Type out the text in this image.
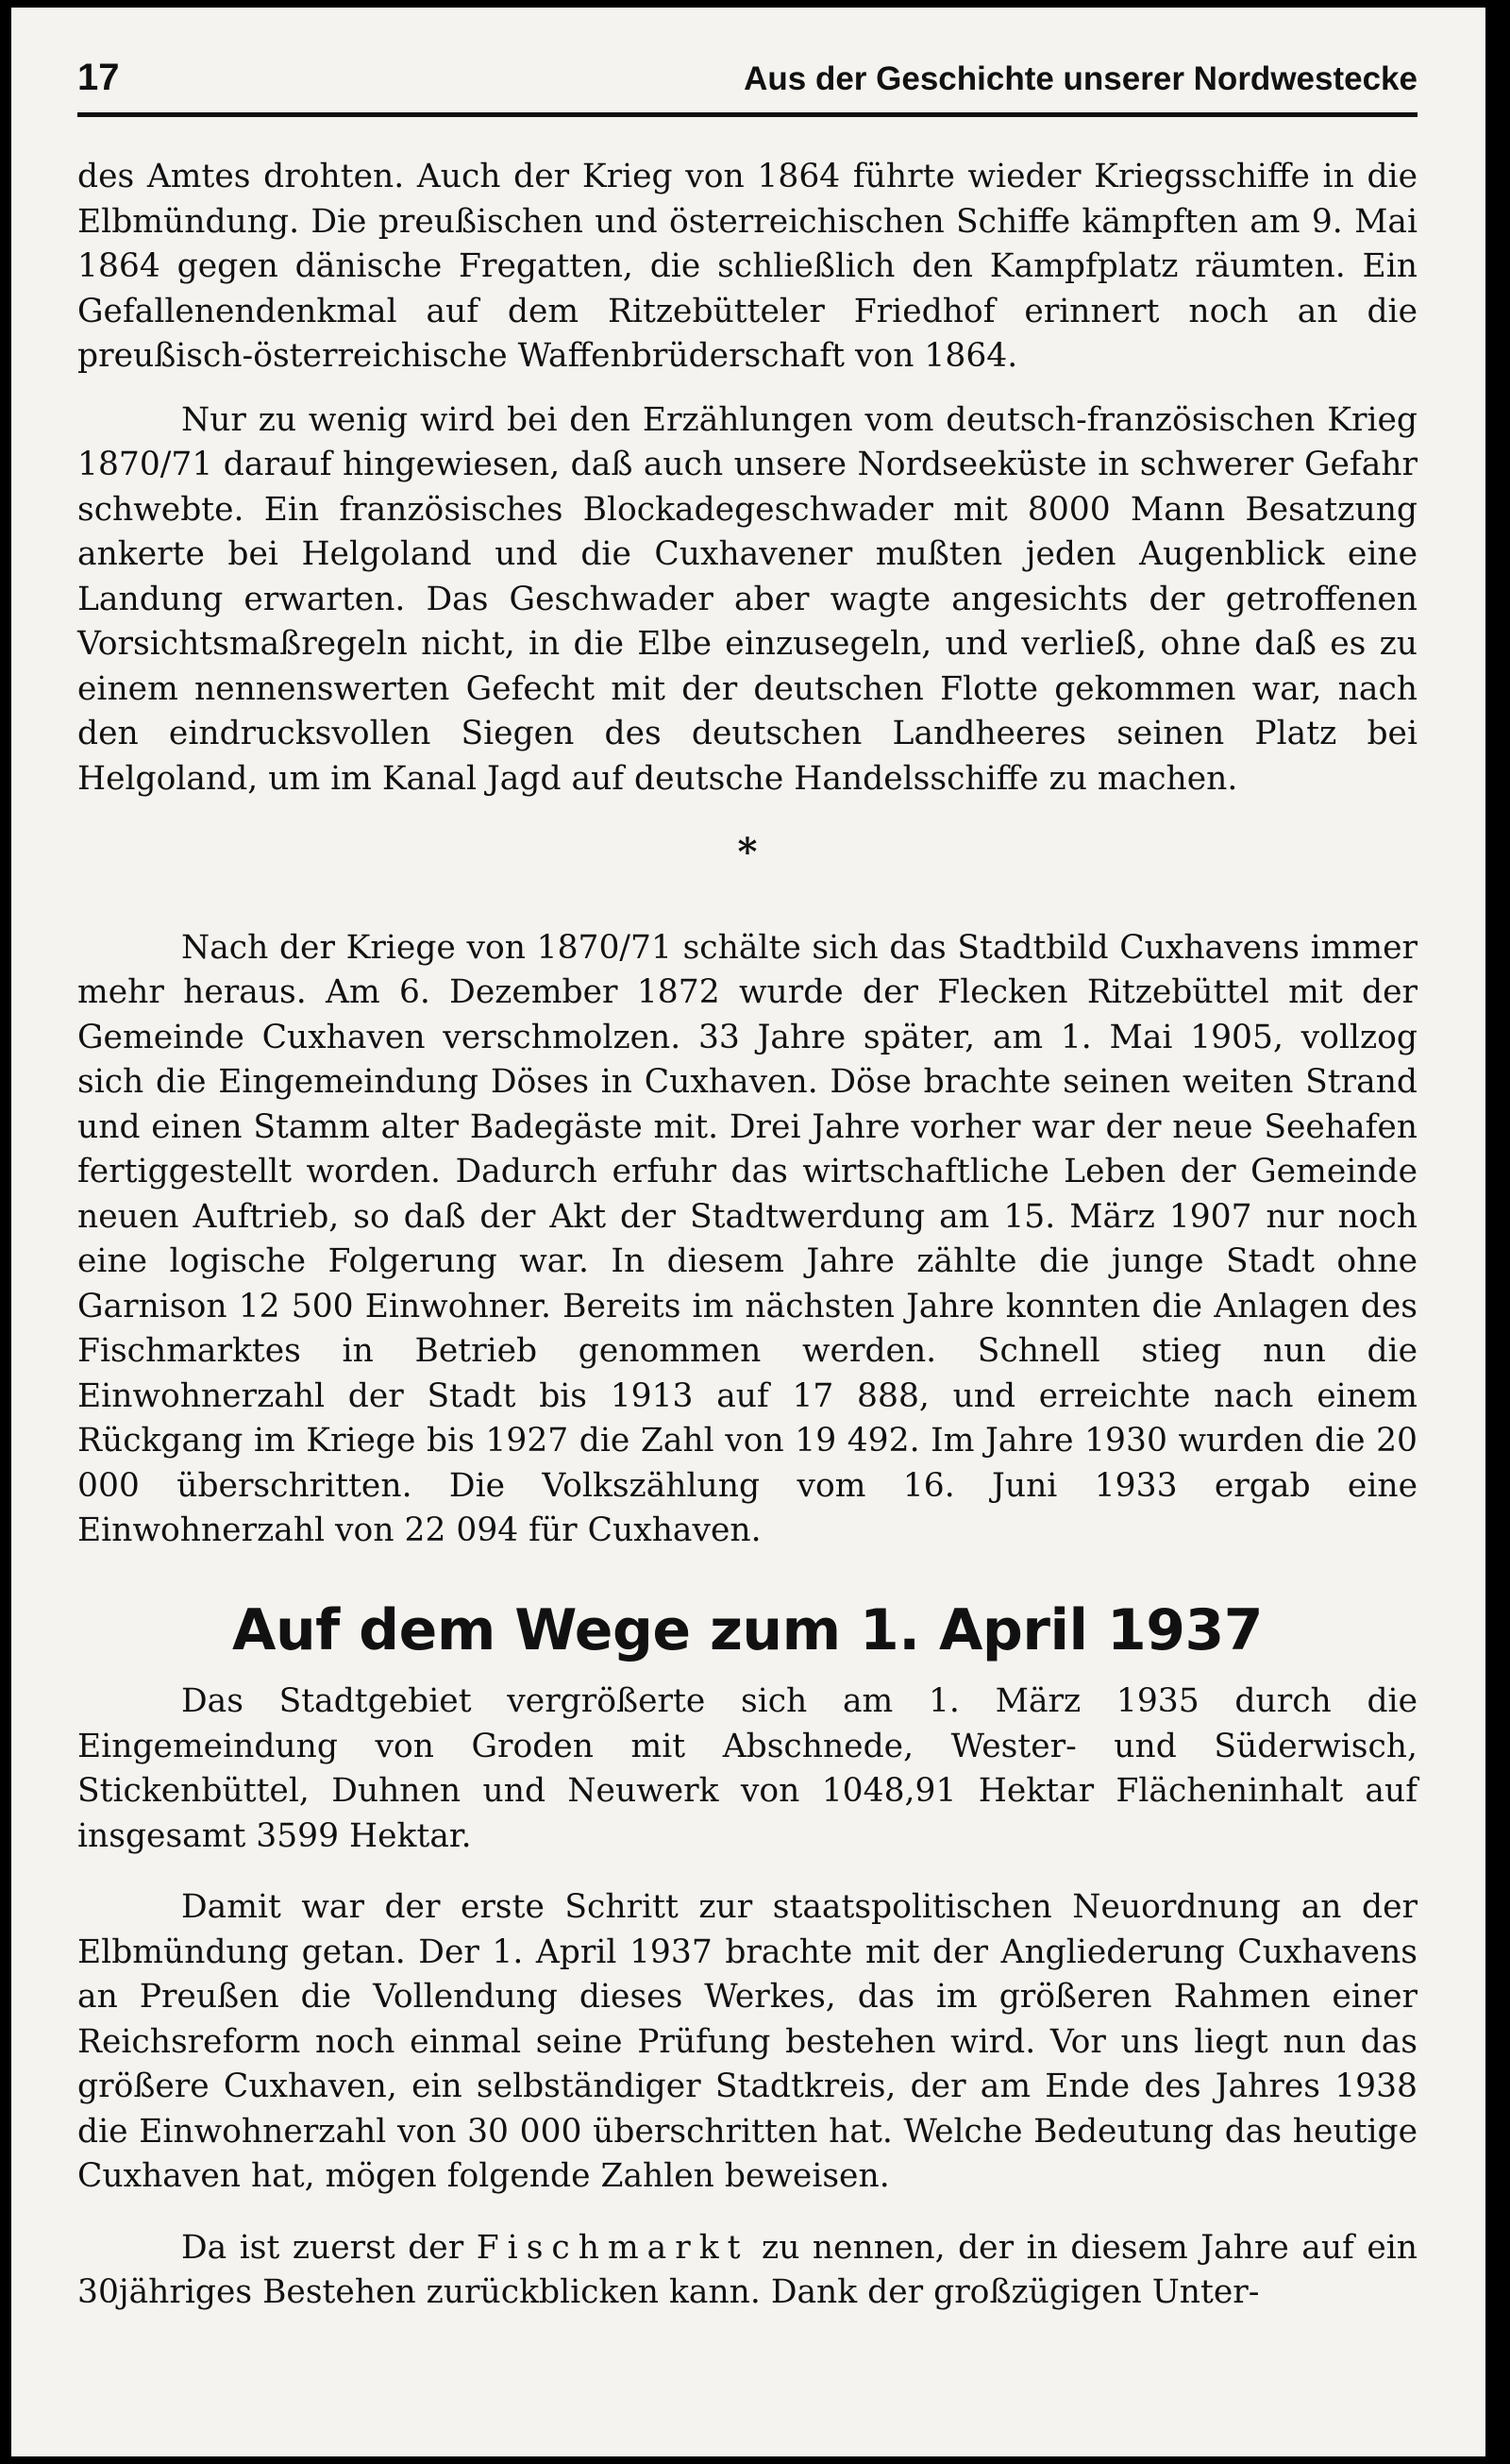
17	Aus der Geschichte unserer Nordwestecke

des Amtes drohten. Auch der Krieg von 1864 führte wieder Kriegsschiffe in die Elbmündung. Die preußischen und österreichischen Schiffe kämpften am 9. Mai 1864 gegen dänische Fregatten, die schließlich den Kampfplatz räumten. Ein Gefallenendenkmal auf dem Ritzebütteler Friedhof erinnert noch an die preußisch-österreichische Waffenbrüderschaft von 1864.

Nur zu wenig wird bei den Erzählungen vom deutsch-französischen Krieg 1870/71 darauf hingewiesen, daß auch unsere Nordseeküste in schwerer Gefahr schwebte. Ein französisches Blockadegeschwader mit 8000 Mann Besatzung ankerte bei Helgoland und die Cuxhavener mußten jeden Augenblick eine Landung erwarten. Das Geschwader aber wagte angesichts der getroffenen Vorsichtsmaßregeln nicht, in die Elbe einzusegeln, und verließ, ohne daß es zu einem nennenswerten Gefecht mit der deutschen Flotte gekommen war, nach den eindrucksvollen Siegen des deutschen Landheeres seinen Platz bei Helgoland, um im Kanal Jagd auf deutsche Handelsschiffe zu machen.

*

Nach der Kriege von 1870/71 schälte sich das Stadtbild Cuxhavens immer mehr heraus. Am 6. Dezember 1872 wurde der Flecken Ritzebüttel mit der Gemeinde Cuxhaven verschmolzen. 33 Jahre später, am 1. Mai 1905, vollzog sich die Eingemeindung Döses in Cuxhaven. Döse brachte seinen weiten Strand und einen Stamm alter Badegäste mit. Drei Jahre vorher war der neue Seehafen fertiggestellt worden. Dadurch erfuhr das wirtschaftliche Leben der Gemeinde neuen Auftrieb, so daß der Akt der Stadtwerdung am 15. März 1907 nur noch eine logische Folgerung war. In diesem Jahre zählte die junge Stadt ohne Garnison 12 500 Einwohner. Bereits im nächsten Jahre konnten die Anlagen des Fischmarktes in Betrieb genommen werden. Schnell stieg nun die Einwohnerzahl der Stadt bis 1913 auf 17 888, und erreichte nach einem Rückgang im Kriege bis 1927 die Zahl von 19 492. Im Jahre 1930 wurden die 20 000 überschritten. Die Volkszählung vom 16. Juni 1933 ergab eine Einwohnerzahl von 22 094 für Cuxhaven.

Auf dem Wege zum 1. April 1937

Das Stadtgebiet vergrößerte sich am 1. März 1935 durch die Eingemeindung von Groden mit Abschnede, Wester- und Süderwisch, Stickenbüttel, Duhnen und Neuwerk von 1048,91 Hektar Flächeninhalt auf insgesamt 3599 Hektar.

Damit war der erste Schritt zur staatspolitischen Neuordnung an der Elbmündung getan. Der 1. April 1937 brachte mit der Angliederung Cuxhavens an Preußen die Vollendung dieses Werkes, das im größeren Rahmen einer Reichsreform noch einmal seine Prüfung bestehen wird. Vor uns liegt nun das größere Cuxhaven, ein selbständiger Stadtkreis, der am Ende des Jahres 1938 die Einwohnerzahl von 30 000 überschritten hat. Welche Bedeutung das heutige Cuxhaven hat, mögen folgende Zahlen beweisen.

Da ist zuerst der Fischmarkt zu nennen, der in diesem Jahre auf ein 30jähriges Bestehen zurückblicken kann. Dank der großzügigen Unter-
